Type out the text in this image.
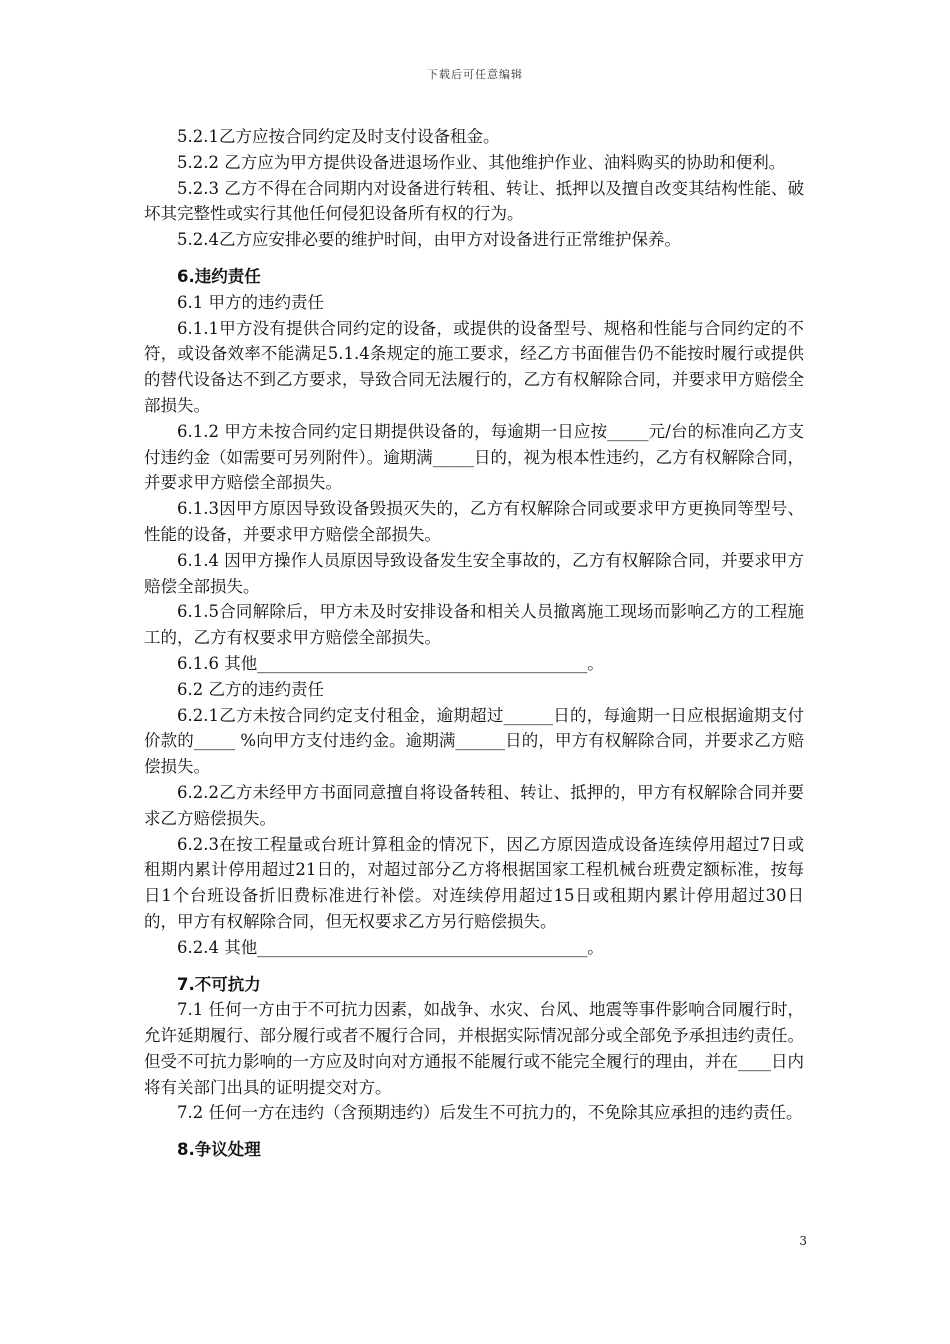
下载后可任意编辑

5.2.1乙方应按合同约定及时支付设备租金。

5.2.2 乙方应为甲方提供设备进退场作业、其他维护作业、油料购买的协助和便利。

5.2.3 乙方不得在合同期内对设备进行转租、转让、抵押以及擅自改变其结构性能、破坏其完整性或实行其他任何侵犯设备所有权的行为。

5.2.4乙方应安排必要的维护时间，由甲方对设备进行正常维护保养。

6.违约责任

6.1 甲方的违约责任

6.1.1甲方没有提供合同约定的设备，或提供的设备型号、规格和性能与合同约定的不符，或设备效率不能满足5.1.4条规定的施工要求，经乙方书面催告仍不能按时履行或提供的替代设备达不到乙方要求，导致合同无法履行的，乙方有权解除合同，并要求甲方赔偿全部损失。

6.1.2 甲方未按合同约定日期提供设备的，每逾期一日应按_____元/台的标准向乙方支付违约金（如需要可另列附件）。逾期满_____日的，视为根本性违约，乙方有权解除合同，并要求甲方赔偿全部损失。

6.1.3因甲方原因导致设备毁损灭失的，乙方有权解除合同或要求甲方更换同等型号、性能的设备，并要求甲方赔偿全部损失。

6.1.4 因甲方操作人员原因导致设备发生安全事故的，乙方有权解除合同，并要求甲方赔偿全部损失。

6.1.5合同解除后，甲方未及时安排设备和相关人员撤离施工现场而影响乙方的工程施工的，乙方有权要求甲方赔偿全部损失。

6.1.6 其他________________________________________。

6.2 乙方的违约责任

6.2.1乙方未按合同约定支付租金，逾期超过______日的，每逾期一日应根据逾期支付价款的_____ %向甲方支付违约金。逾期满______日的，甲方有权解除合同，并要求乙方赔偿损失。

6.2.2乙方未经甲方书面同意擅自将设备转租、转让、抵押的，甲方有权解除合同并要求乙方赔偿损失。

6.2.3在按工程量或台班计算租金的情况下，因乙方原因造成设备连续停用超过7日或租期内累计停用超过21日的，对超过部分乙方将根据国家工程机械台班费定额标准，按每日1个台班设备折旧费标准进行补偿。对连续停用超过15日或租期内累计停用超过30日的，甲方有权解除合同，但无权要求乙方另行赔偿损失。

6.2.4 其他________________________________________。

7.不可抗力

7.1 任何一方由于不可抗力因素，如战争、水灾、台风、地震等事件影响合同履行时，允许延期履行、部分履行或者不履行合同，并根据实际情况部分或全部免予承担违约责任。但受不可抗力影响的一方应及时向对方通报不能履行或不能完全履行的理由，并在____日内将有关部门出具的证明提交对方。

7.2 任何一方在违约（含预期违约）后发生不可抗力的，不免除其应承担的违约责任。

8.争议处理

3
